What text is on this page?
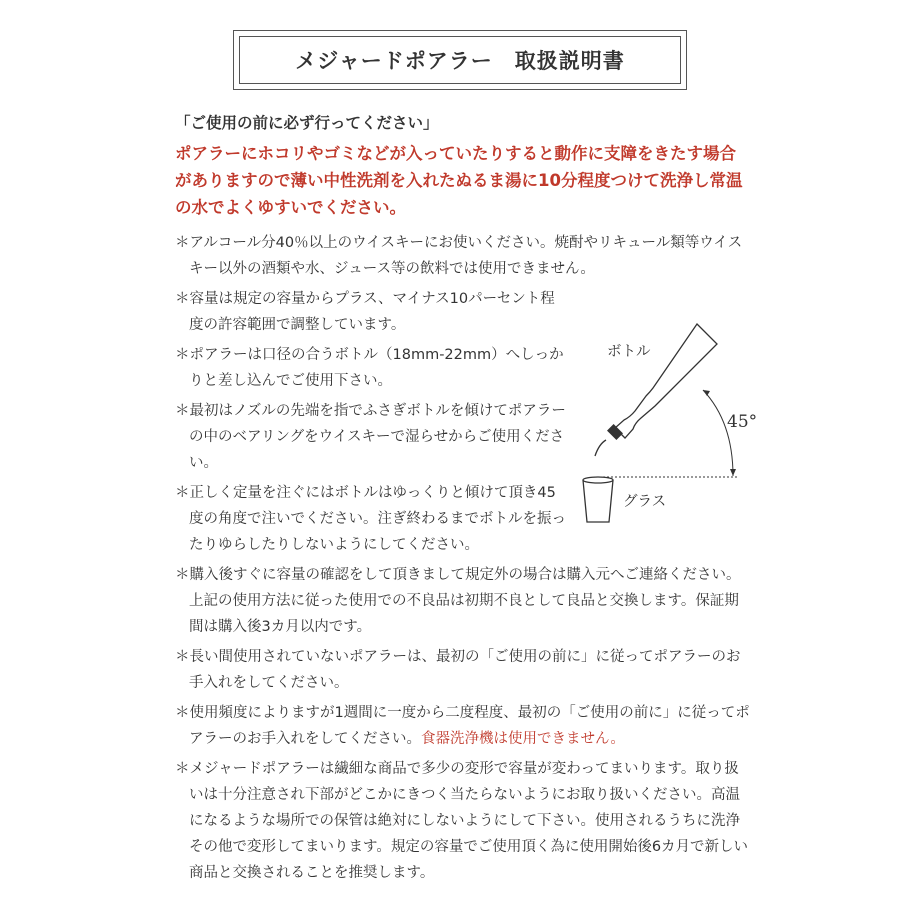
メジャードポアラー　取扱説明書
「ご使用の前に必ず行ってください」
ポアラーにホコリやゴミなどが入っていたりすると動作に支障をきたす場合がありますので薄い中性洗剤を入れたぬるま湯に10分程度つけて洗浄し常温の水でよくゆすいでください。
＊アルコール分40％以上のウイスキーにお使いください。焼酎やリキュール類等ウイスキー以外の酒類や水、ジュース等の飲料では使用できません。
＊容量は規定の容量からプラス、マイナス10パーセント程度の許容範囲で調整しています。
＊ポアラーは口径の合うボトル（18mm-22mm）へしっかりと差し込んでご使用下さい。
＊最初はノズルの先端を指でふさぎボトルを傾けてポアラーの中のベアリングをウイスキーで湿らせからご使用ください。
＊正しく定量を注ぐにはボトルはゆっくりと傾けて頂き45度の角度で注いでください。注ぎ終わるまでボトルを振ったりゆらしたりしないようにしてください。
＊購入後すぐに容量の確認をして頂きまして規定外の場合は購入元へご連絡ください。上記の使用方法に従った使用での不良品は初期不良として良品と交換します。保証期間は購入後3カ月以内です。
＊長い間使用されていないポアラーは、最初の「ご使用の前に」に従ってポアラーのお手入れをしてください。
＊使用頻度によりますが1週間に一度から二度程度、最初の「ご使用の前に」に従ってポアラーのお手入れをしてください。食器洗浄機は使用できません。
＊メジャードポアラーは繊細な商品で多少の変形で容量が変わってまいります。取り扱いは十分注意され下部がどこかにきつく当たらないようにお取り扱いください。高温になるような場所での保管は絶対にしないようにして下さい。使用されるうちに洗浄その他で変形してまいります。規定の容量でご使用頂く為に使用開始後6カ月で新しい商品と交換されることを推奨します。
ボトル
45°
グラス
